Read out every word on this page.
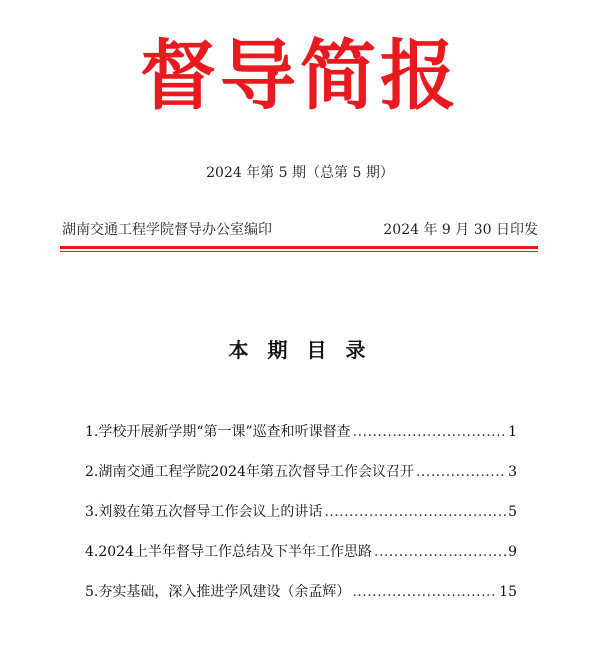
督导简报
2024 年第 5 期（总第 5 期）
湖南交通工程学院督导办公室编印	2024 年 9 月 30 日印发
本 期 目 录
1.学校开展新学期“第一课”巡查和听课督查 .....	1
2.湖南交通工程学院2024年第五次督导工作会议召开 .....	3
3.刘毅在第五次督导工作会议上的讲话 .....	5
4.2024上半年督导工作总结及下半年工作思路 .....	9
5.夯实基础，深入推进学风建设（余孟辉） .....	15
